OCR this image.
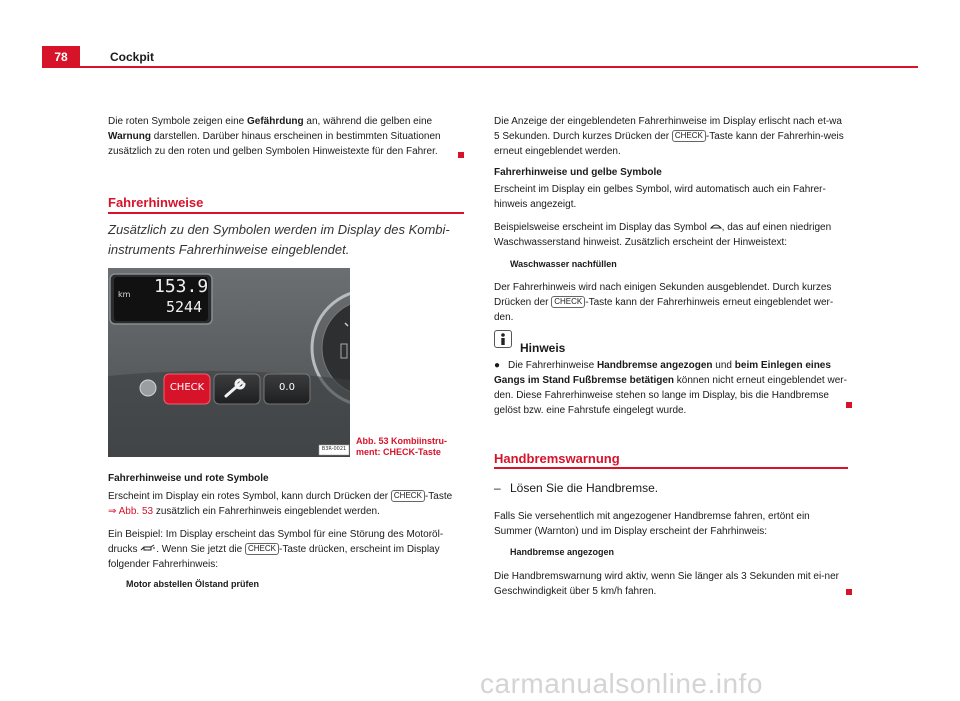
78	Cockpit
Die roten Symbole zeigen eine Gefährdung an, während die gelben eine Warnung darstellen. Darüber hinaus erscheinen in bestimmten Situationen zusätzlich zu den roten und gelben Symbolen Hinweistexte für den Fahrer.
Fahrerhinweise
Zusätzlich zu den Symbolen werden im Display des Kombi-instruments Fahrerhinweise eingeblendet.
km 153.9
5244
CHECK	0.0
B3R-0021
Abb. 53 Kombiinstru-
ment: CHECK-Taste
Fahrerhinweise und rote Symbole
Erscheint im Display ein rotes Symbol, kann durch Drücken der CHECK -Taste
⇒ Abb. 53 zusätzlich ein Fahrerhinweis eingeblendet werden.
Ein Beispiel: Im Display erscheint das Symbol für eine Störung des Motoröl-drucks . Wenn Sie jetzt die CHECK -Taste drücken, erscheint im Display folgender Fahrerhinweis:
Motor abstellen Ölstand prüfen
Die Anzeige der eingeblendeten Fahrerhinweise im Display erlischt nach et-wa 5 Sekunden. Durch kurzes Drücken der CHECK -Taste kann der Fahrerhin-weis erneut eingeblendet werden.
Fahrerhinweise und gelbe Symbole
Erscheint im Display ein gelbes Symbol, wird automatisch auch ein Fahrer-hinweis angezeigt.
Beispielsweise erscheint im Display das Symbol , das auf einen niedrigen Waschwasserstand hinweist. Zusätzlich erscheint der Hinweistext:
Waschwasser nachfüllen
Der Fahrerhinweis wird nach einigen Sekunden ausgeblendet. Durch kurzes Drücken der CHECK -Taste kann der Fahrerhinweis erneut eingeblendet wer-den.
Hinweis
● Die Fahrerhinweise Handbremse angezogen und beim Einlegen eines Gangs im Stand Fußbremse betätigen können nicht erneut eingeblendet wer-den. Diese Fahrerhinweise stehen so lange im Display, bis die Handbremse gelöst bzw. eine Fahrstufe eingelegt wurde.
Handbremswarnung
– Lösen Sie die Handbremse.
Falls Sie versehentlich mit angezogener Handbremse fahren, ertönt ein Summer (Warnton) und im Display erscheint der Fahrhinweis:
Handbremse angezogen
Die Handbremswarnung wird aktiv, wenn Sie länger als 3 Sekunden mit ei-ner Geschwindigkeit über 5 km/h fahren.
carmanualsonline.info
